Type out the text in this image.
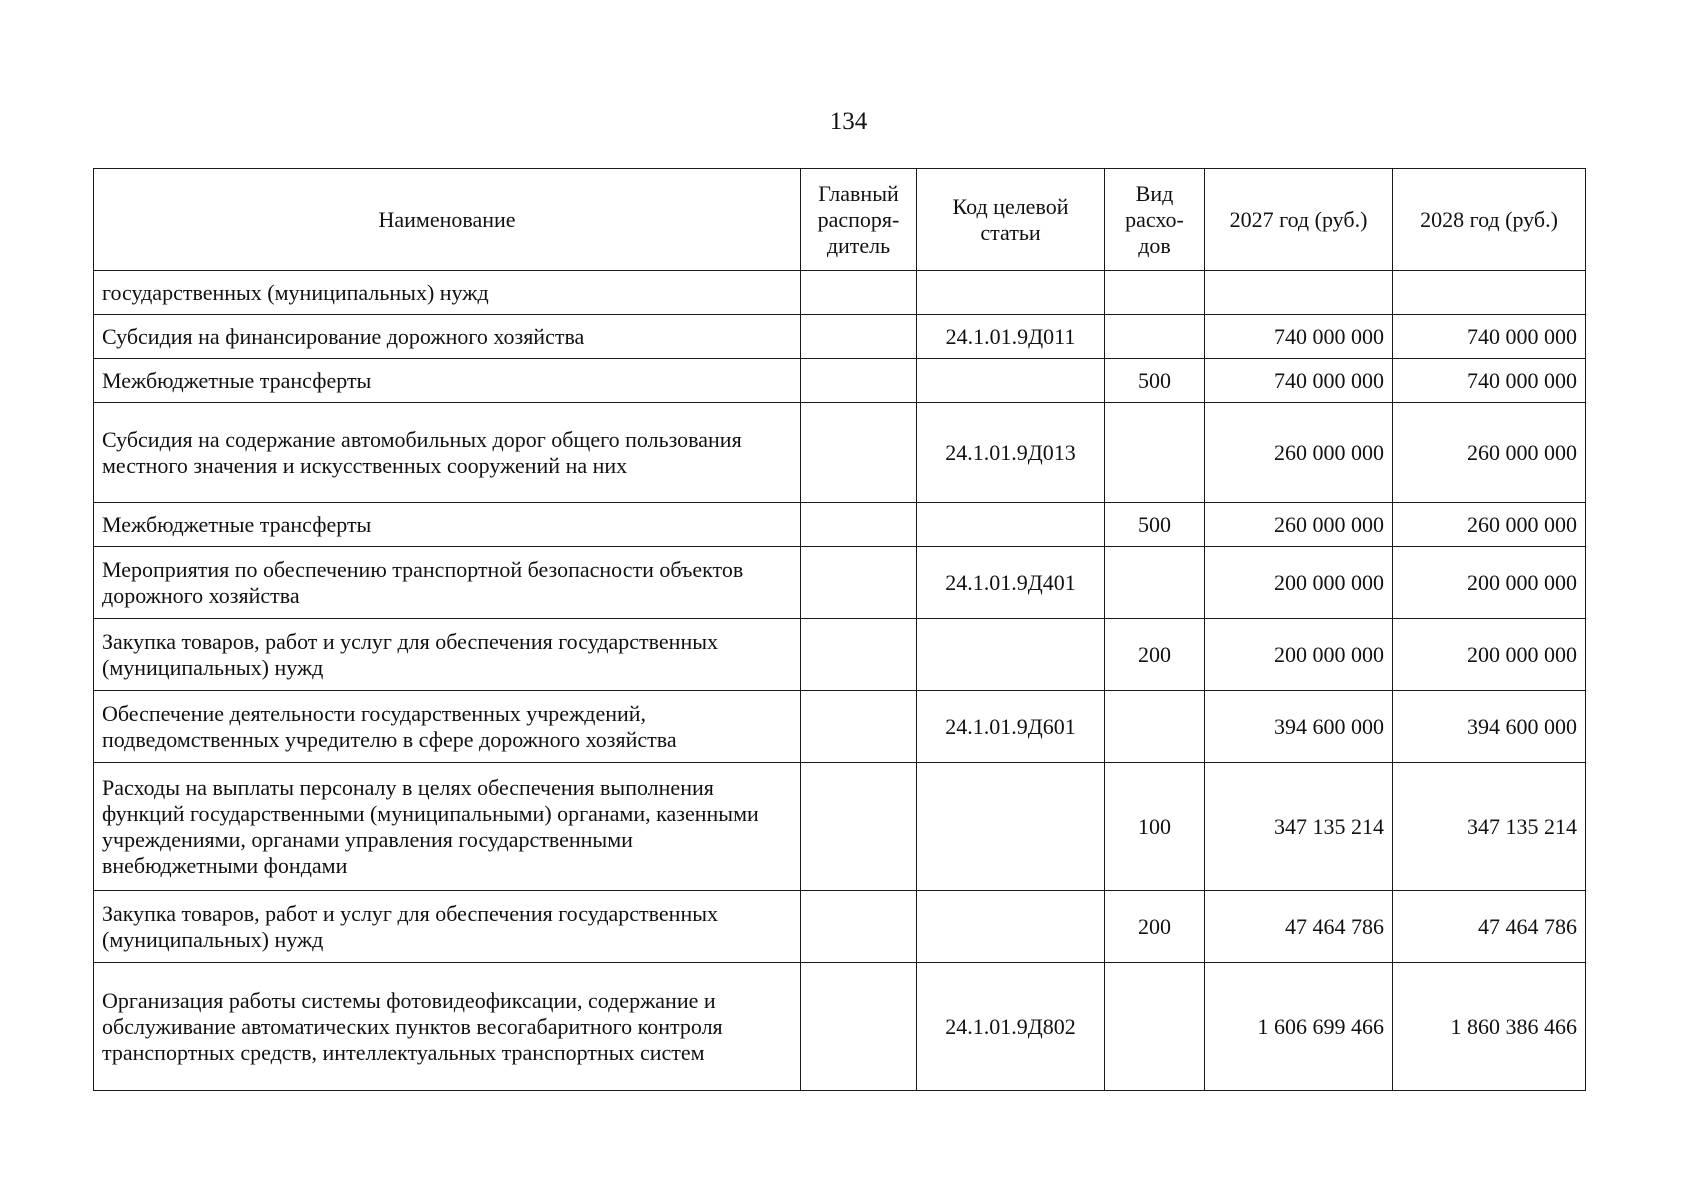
134
Наименование	Главный распоря-дитель	Код целевой статьи	Вид расхо-дов	2027 год (руб.)	2028 год (руб.)
государственных (муниципальных) нужд					
Субсидия на финансирование дорожного хозяйства		24.1.01.9Д011		740 000 000	740 000 000
Межбюджетные трансферты			500	740 000 000	740 000 000
Субсидия на содержание автомобильных дорог общего пользования местного значения и искусственных сооружений на них		24.1.01.9Д013		260 000 000	260 000 000
Межбюджетные трансферты			500	260 000 000	260 000 000
Мероприятия по обеспечению транспортной безопасности объектов дорожного хозяйства		24.1.01.9Д401		200 000 000	200 000 000
Закупка товаров, работ и услуг для обеспечения государственных (муниципальных) нужд			200	200 000 000	200 000 000
Обеспечение деятельности государственных учреждений, подведомственных учредителю в сфере дорожного хозяйства		24.1.01.9Д601		394 600 000	394 600 000
Расходы на выплаты персоналу в целях обеспечения выполнения функций государственными (муниципальными) органами, казенными учреждениями, органами управления государственными внебюджетными фондами			100	347 135 214	347 135 214
Закупка товаров, работ и услуг для обеспечения государственных (муниципальных) нужд			200	47 464 786	47 464 786
Организация работы системы фотовидеофиксации, содержание и обслуживание автоматических пунктов весогабаритного контроля транспортных средств, интеллектуальных транспортных систем		24.1.01.9Д802		1 606 699 466	1 860 386 466
